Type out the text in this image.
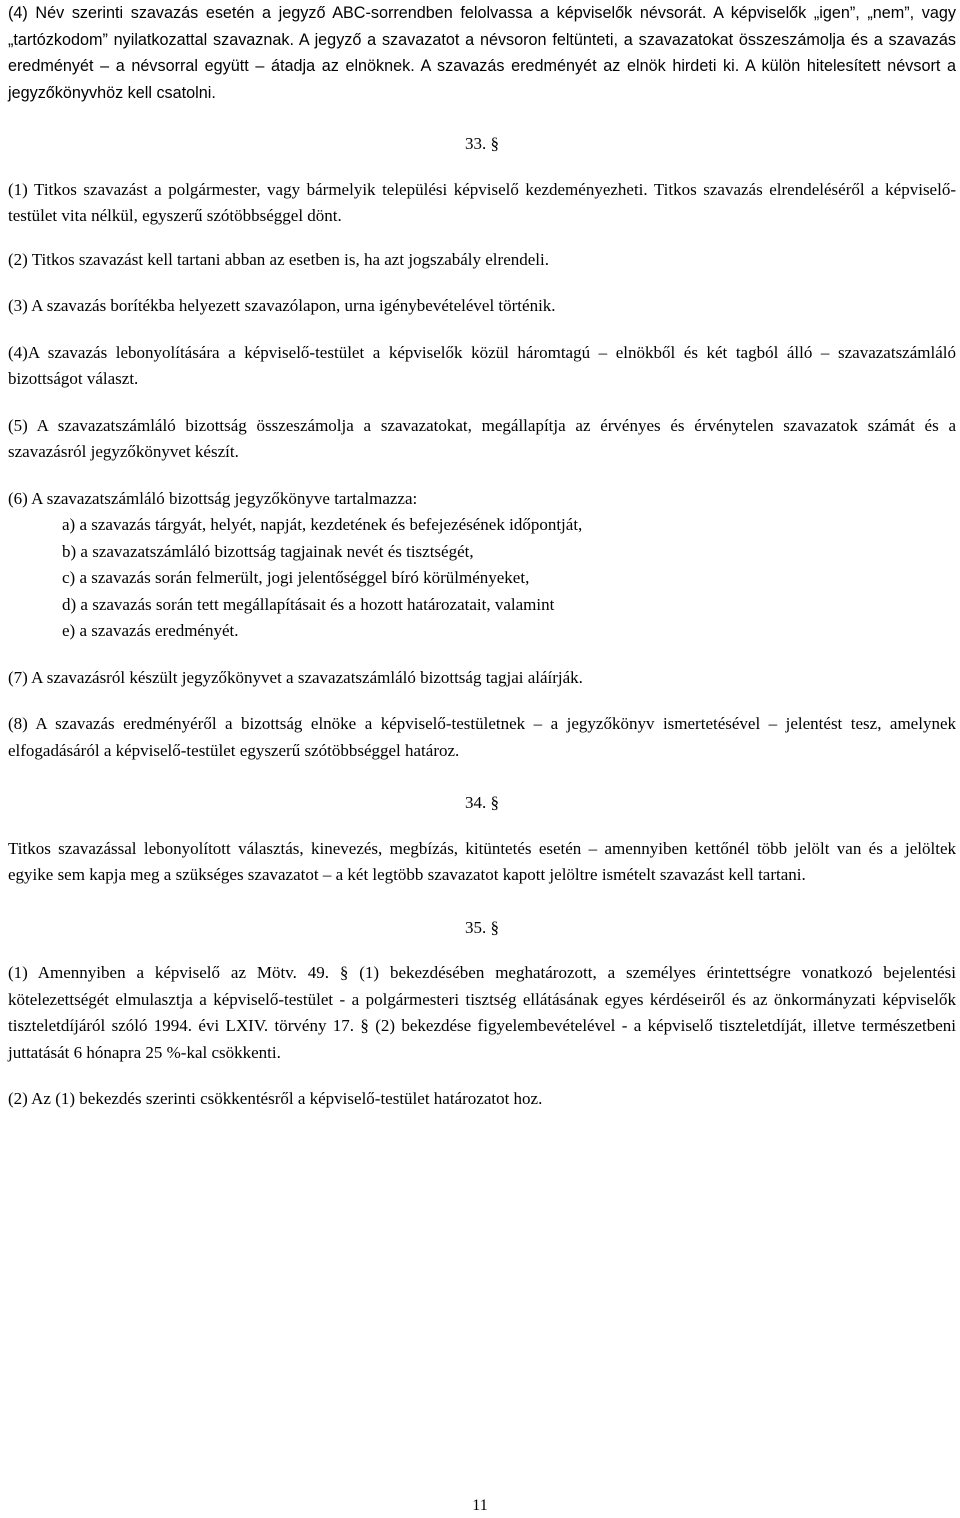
(4) Név szerinti szavazás esetén a jegyző ABC-sorrendben felolvassa a képviselők névsorát. A képviselők „igen”, „nem”, vagy „tartózkodom” nyilatkozattal szavaznak. A jegyző a szavazatot a névsoron feltünteti, a szavazatokat összeszámolja és a szavazás eredményét – a névsorral együtt – átadja az elnöknek. A szavazás eredményét az elnök hirdeti ki. A külön hitelesített névsort a jegyzőkönyvhöz kell csatolni.

33. §

(1) Titkos szavazást a polgármester, vagy bármelyik települési képviselő kezdeményezheti. Titkos szavazás elrendeléséről a képviselő-testület vita nélkül, egyszerű szótöbbséggel dönt.

(2) Titkos szavazást kell tartani abban az esetben is, ha azt jogszabály elrendeli.

(3) A szavazás borítékba helyezett szavazólapon, urna igénybevételével történik.

(4)A szavazás lebonyolítására a képviselő-testület a képviselők közül háromtagú – elnökből és két tagból álló – szavazatszámláló bizottságot választ.

(5) A szavazatszámláló bizottság összeszámolja a szavazatokat, megállapítja az érvényes és érvénytelen szavazatok számát és a szavazásról jegyzőkönyvet készít.

(6) A szavazatszámláló bizottság jegyzőkönyve tartalmazza:

a) a szavazás tárgyát, helyét, napját, kezdetének és befejezésének időpontját,
b) a szavazatszámláló bizottság tagjainak nevét és tisztségét,
c) a szavazás során felmerült, jogi jelentőséggel bíró körülményeket,
d) a szavazás során tett megállapításait és a hozott határozatait, valamint
e) a szavazás eredményét.

(7) A szavazásról készült jegyzőkönyvet a szavazatszámláló bizottság tagjai aláírják.

(8) A szavazás eredményéről a bizottság elnöke a képviselő-testületnek – a jegyzőkönyv ismertetésével – jelentést tesz, amelynek elfogadásáról a képviselő-testület egyszerű szótöbbséggel határoz.

34. §

Titkos szavazással lebonyolított választás, kinevezés, megbízás, kitüntetés esetén – amennyiben kettőnél több jelölt van és a jelöltek egyike sem kapja meg a szükséges szavazatot – a két legtöbb szavazatot kapott jelöltre ismételt szavazást kell tartani.

35. §

(1) Amennyiben a képviselő az Mötv. 49. § (1) bekezdésében meghatározott, a személyes érintettségre vonatkozó bejelentési kötelezettségét elmulasztja a képviselő-testület - a polgármesteri tisztség ellátásának egyes kérdéseiről és az önkormányzati képviselők tiszteletdíjáról szóló 1994. évi LXIV. törvény 17. § (2) bekezdése figyelembevételével - a képviselő tiszteletdíját, illetve természetbeni juttatását 6 hónapra 25 %-kal csökkenti.

(2) Az (1) bekezdés szerinti csökkentésről a képviselő-testület határozatot hoz.

11
